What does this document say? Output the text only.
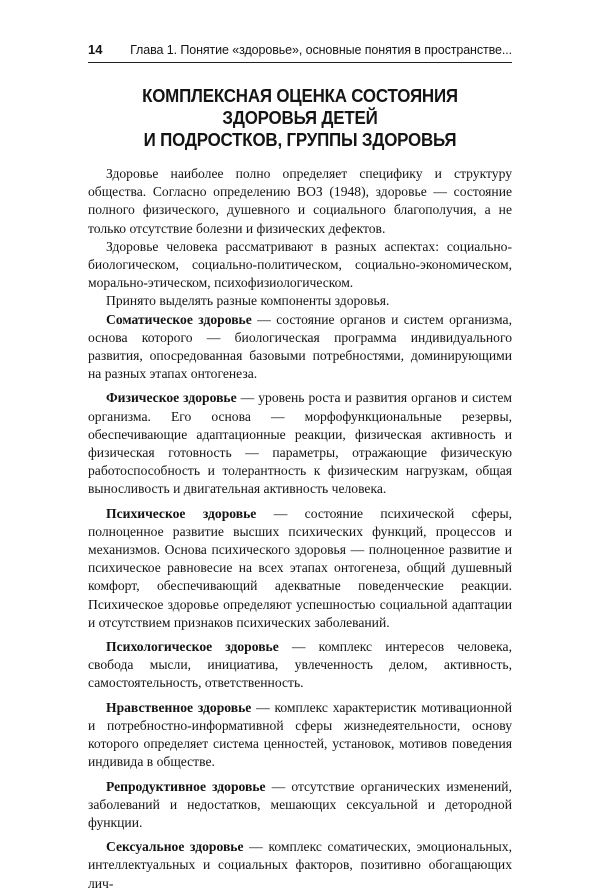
14 Глава 1. Понятие «здоровье», основные понятия в пространстве...
КОМПЛЕКСНАЯ ОЦЕНКА СОСТОЯНИЯ ЗДОРОВЬЯ ДЕТЕЙ
И ПОДРОСТКОВ, ГРУППЫ ЗДОРОВЬЯ

Здоровье наиболее полно определяет специфику и структуру общества. Согласно определению ВОЗ (1948), здоровье — состояние полного физического, душевного и социального благополучия, а не только отсутствие болезни и физических дефектов.

Здоровье человека рассматривают в разных аспектах: социально-биологическом, социально-политическом, социально-экономическом, морально-этическом, психофизиологическом.

Принято выделять разные компоненты здоровья.

Соматическое здоровье — состояние органов и систем организма, основа которого — биологическая программа индивидуального развития, опосредованная базовыми потребностями, доминирующими на разных этапах онтогенеза.

Физическое здоровье — уровень роста и развития органов и систем организма. Его основа — морфофункциональные резервы, обеспечивающие адаптационные реакции, физическая активность и физическая готовность — параметры, отражающие физическую работоспособность и толерантность к физическим нагрузкам, общая выносливость и двигательная активность человека.

Психическое здоровье — состояние психической сферы, полноценное развитие высших психических функций, процессов и механизмов. Основа психического здоровья — полноценное развитие и психическое равновесие на всех этапах онтогенеза, общий душевный комфорт, обеспечивающий адекватные поведенческие реакции. Психическое здоровье определяют успешностью социальной адаптации и отсутствием признаков психических заболеваний.

Психологическое здоровье — комплекс интересов человека, свобода мысли, инициатива, увлеченность делом, активность, самостоятельность, ответственность.

Нравственное здоровье — комплекс характеристик мотивационной и потребностно-информативной сферы жизнедеятельности, основу которого определяет система ценностей, установок, мотивов поведения индивида в обществе.

Репродуктивное здоровье — отсутствие органических изменений, заболеваний и недостатков, мешающих сексуальной и детородной функции.

Сексуальное здоровье — комплекс соматических, эмоциональных, интеллектуальных и социальных факторов, позитивно обогащающих лич-
